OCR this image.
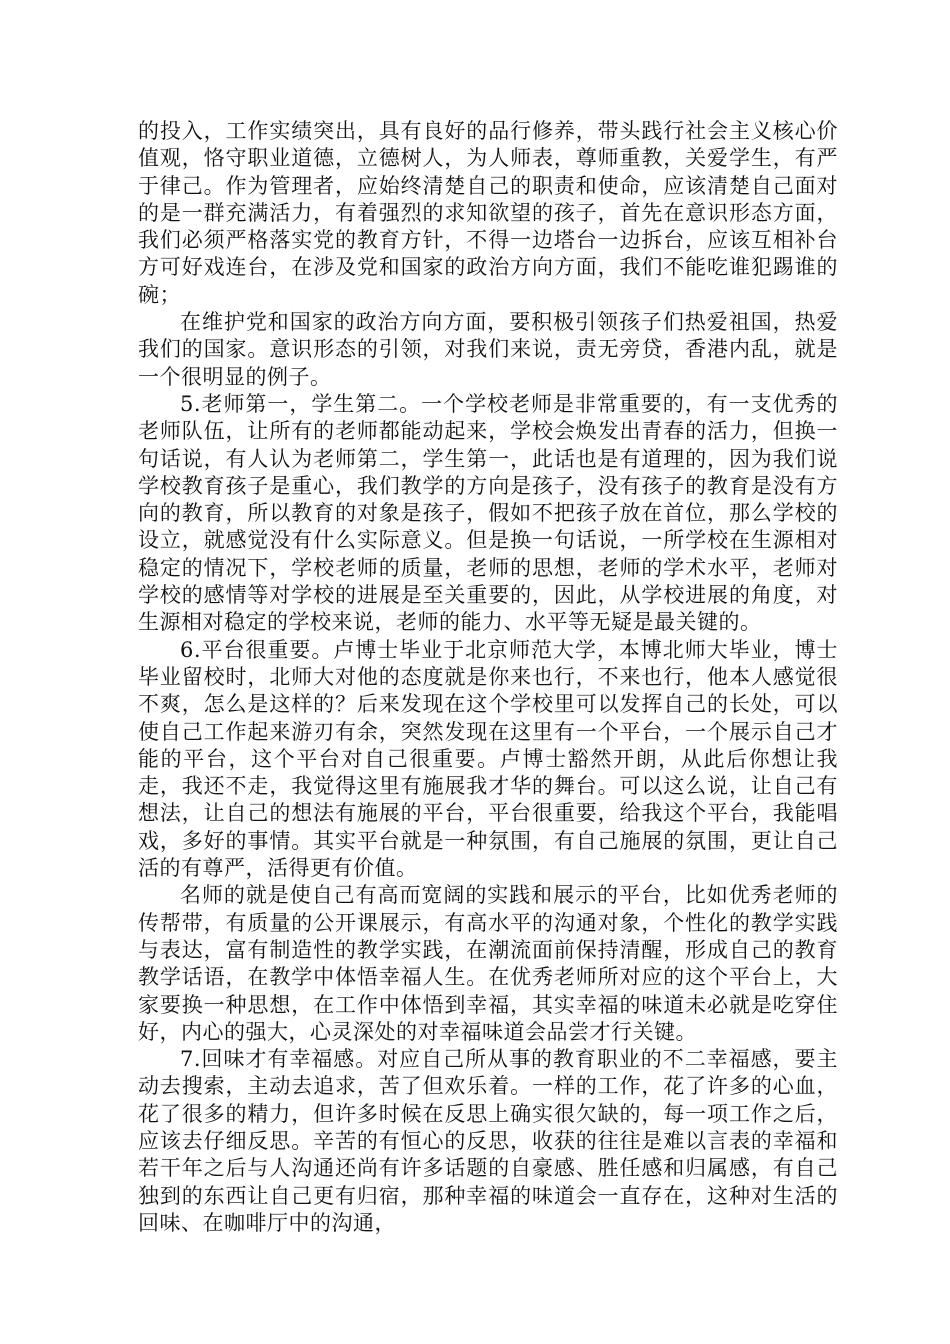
的投入，工作实绩突出，具有良好的品行修养，带头践行社会主义核心价值观，恪守职业道德，立德树人，为人师表，尊师重教，关爱学生，有严于律己。作为管理者，应始终清楚自己的职责和使命，应该清楚自己面对的是一群充满活力，有着强烈的求知欲望的孩子，首先在意识形态方面，我们必须严格落实党的教育方针，不得一边塔台一边拆台，应该互相补台方可好戏连台，在涉及党和国家的政治方向方面，我们不能吃谁犯踢谁的碗；

在维护党和国家的政治方向方面，要积极引领孩子们热爱祖国，热爱我们的国家。意识形态的引领，对我们来说，责无旁贷，香港内乱，就是一个很明显的例子。

5.老师第一，学生第二。一个学校老师是非常重要的，有一支优秀的老师队伍，让所有的老师都能动起来，学校会焕发出青春的活力，但换一句话说，有人认为老师第二，学生第一，此话也是有道理的，因为我们说学校教育孩子是重心，我们教学的方向是孩子，没有孩子的教育是没有方向的教育，所以教育的对象是孩子，假如不把孩子放在首位，那么学校的设立，就感觉没有什么实际意义。但是换一句话说，一所学校在生源相对稳定的情况下，学校老师的质量，老师的思想，老师的学术水平，老师对学校的感情等对学校的进展是至关重要的，因此，从学校进展的角度，对生源相对稳定的学校来说，老师的能力、水平等无疑是最关键的。

6.平台很重要。卢博士毕业于北京师范大学，本博北师大毕业，博士毕业留校时，北师大对他的态度就是你来也行，不来也行，他本人感觉很不爽，怎么是这样的？后来发现在这个学校里可以发挥自己的长处，可以使自己工作起来游刃有余，突然发现在这里有一个平台，一个展示自己才能的平台，这个平台对自己很重要。卢博士豁然开朗，从此后你想让我走，我还不走，我觉得这里有施展我才华的舞台。可以这么说，让自己有想法，让自己的想法有施展的平台，平台很重要，给我这个平台，我能唱戏，多好的事情。其实平台就是一种氛围，有自己施展的氛围，更让自己活的有尊严，活得更有价值。

名师的就是使自己有高而宽阔的实践和展示的平台，比如优秀老师的传帮带，有质量的公开课展示，有高水平的沟通对象，个性化的教学实践与表达，富有制造性的教学实践，在潮流面前保持清醒，形成自己的教育教学话语，在教学中体悟幸福人生。在优秀老师所对应的这个平台上，大家要换一种思想，在工作中体悟到幸福，其实幸福的味道未必就是吃穿住好，内心的强大，心灵深处的对幸福味道会品尝才行关键。

7.回味才有幸福感。对应自己所从事的教育职业的不二幸福感，要主动去搜索，主动去追求，苦了但欢乐着。一样的工作，花了许多的心血，花了很多的精力，但许多时候在反思上确实很欠缺的，每一项工作之后，应该去仔细反思。辛苦的有恒心的反思，收获的往往是难以言表的幸福和若干年之后与人沟通还尚有许多话题的自豪感、胜任感和归属感，有自己独到的东西让自己更有归宿，那种幸福的味道会一直存在，这种对生活的回味、在咖啡厅中的沟通，
